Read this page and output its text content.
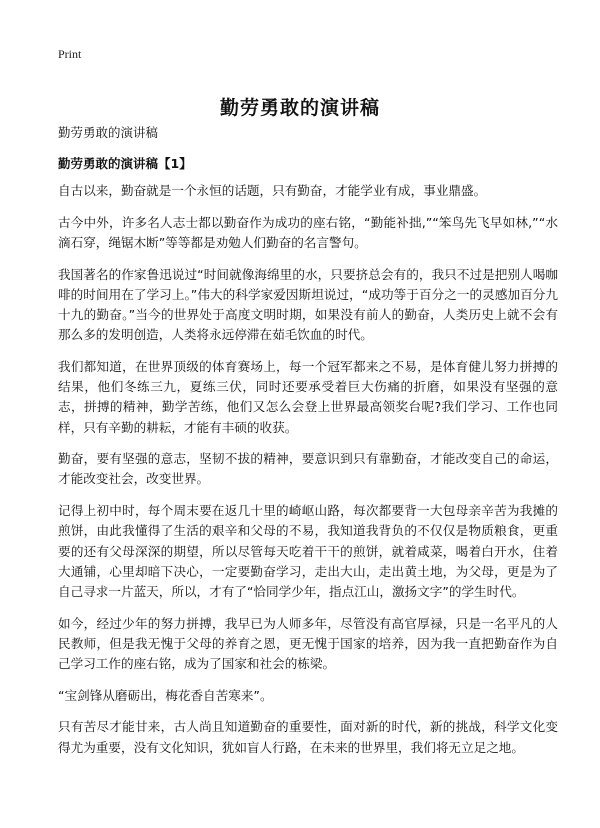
Print
勤劳勇敢的演讲稿
勤劳勇敢的演讲稿
勤劳勇敢的演讲稿【1】

自古以来，勤奋就是一个永恒的话题，只有勤奋，才能学业有成，事业鼎盛。

古今中外，许多名人志士都以勤奋作为成功的座右铭，“勤能补拙,”“笨鸟先飞早如林,”“水滴石穿，绳锯木断”等等都是劝勉人们勤奋的名言警句。

我国著名的作家鲁迅说过“时间就像海绵里的水，只要挤总会有的，我只不过是把别人喝咖啡的时间用在了学习上。”伟大的科学家爱因斯坦说过，“成功等于百分之一的灵感加百分九十九的勤奋。”当今的世界处于高度文明时期，如果没有前人的勤奋，人类历史上就不会有那么多的发明创造，人类将永远停滞在茹毛饮血的时代。

我们都知道，在世界顶级的体育赛场上，每一个冠军都来之不易，是体育健儿努力拼搏的结果，他们冬练三九，夏练三伏，同时还要承受着巨大伤痛的折磨，如果没有坚强的意志，拼搏的精神，勤学苦练，他们又怎么会登上世界最高领奖台呢?我们学习、工作也同样，只有辛勤的耕耘，才能有丰硕的收获。

勤奋，要有坚强的意志，坚韧不拔的精神，要意识到只有靠勤奋，才能改变自己的命运，才能改变社会，改变世界。

记得上初中时，每个周末要在返几十里的崎岖山路，每次都要背一大包母亲辛苦为我摊的煎饼，由此我懂得了生活的艰辛和父母的不易，我知道我背负的不仅仅是物质粮食，更重要的还有父母深深的期望，所以尽管每天吃着干干的煎饼，就着咸菜，喝着白开水，住着大通铺，心里却暗下决心，一定要勤奋学习，走出大山，走出黄土地，为父母，更是为了自己寻求一片蓝天，所以，才有了“恰同学少年，指点江山，激扬文字”的学生时代。

如今，经过少年的努力拼搏，我早已为人师多年，尽管没有高官厚禄，只是一名平凡的人民教师，但是我无愧于父母的养育之恩，更无愧于国家的培养，因为我一直把勤奋作为自己学习工作的座右铭，成为了国家和社会的栋梁。

“宝剑锋从磨砺出，梅花香自苦寒来”。

只有苦尽才能甘来，古人尚且知道勤奋的重要性，面对新的时代，新的挑战，科学文化变得尤为重要，没有文化知识，犹如盲人行路，在未来的世界里，我们将无立足之地。
